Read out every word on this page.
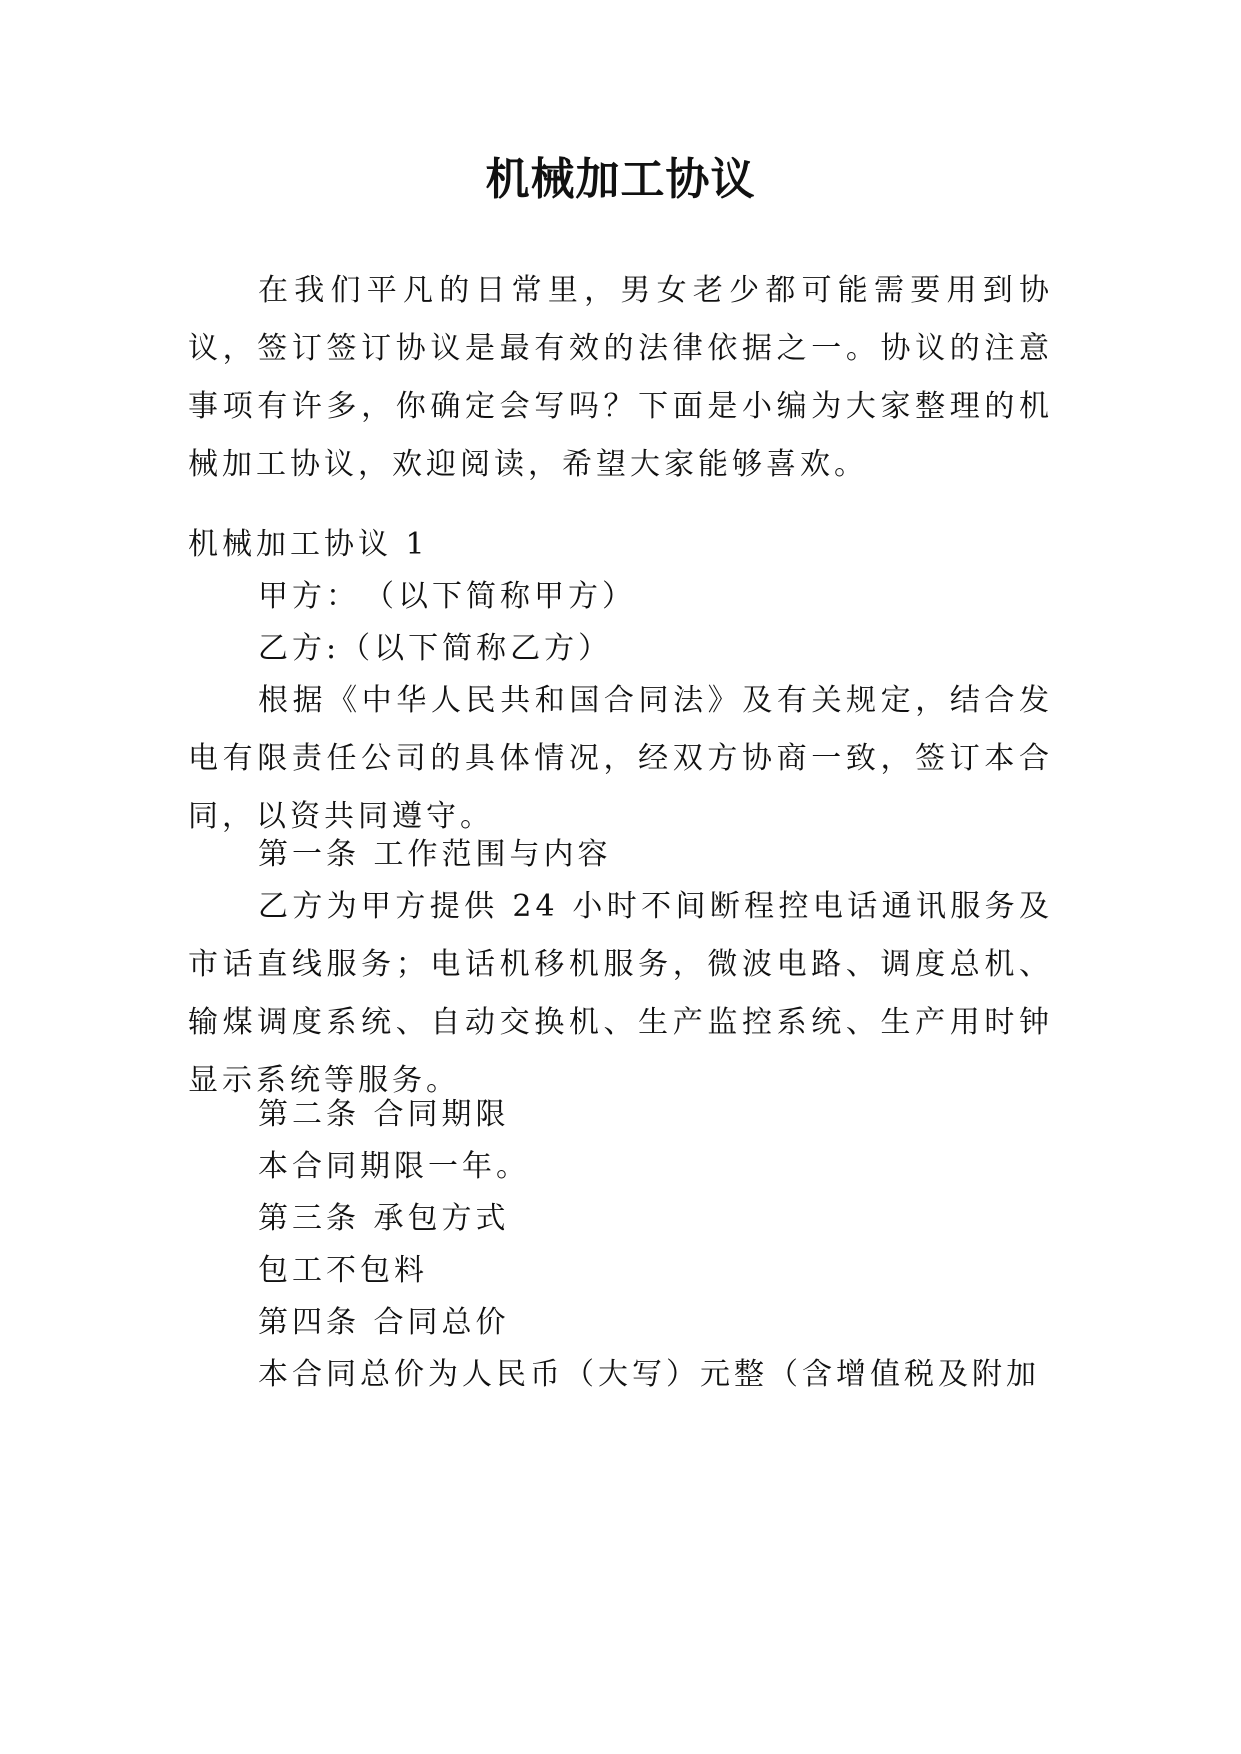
机械加工协议

在我们平凡的日常里，男女老少都可能需要用到协议，签订签订协议是最有效的法律依据之一。协议的注意事项有许多，你确定会写吗？下面是小编为大家整理的机械加工协议，欢迎阅读，希望大家能够喜欢。

机械加工协议 1
甲方：　（以下简称甲方）
乙方:（以下简称乙方）

根据《中华人民共和国合同法》及有关规定，结合发电有限责任公司的具体情况，经双方协商一致，签订本合同，以资共同遵守。

第一条 工作范围与内容

乙方为甲方提供 24 小时不间断程控电话通讯服务及市话直线服务；电话机移机服务，微波电路、调度总机、输煤调度系统、自动交换机、生产监控系统、生产用时钟显示系统等服务。

第二条 合同期限
本合同期限一年。
第三条 承包方式
包工不包料
第四条 合同总价
本合同总价为人民币（大写）元整（含增值税及附加
